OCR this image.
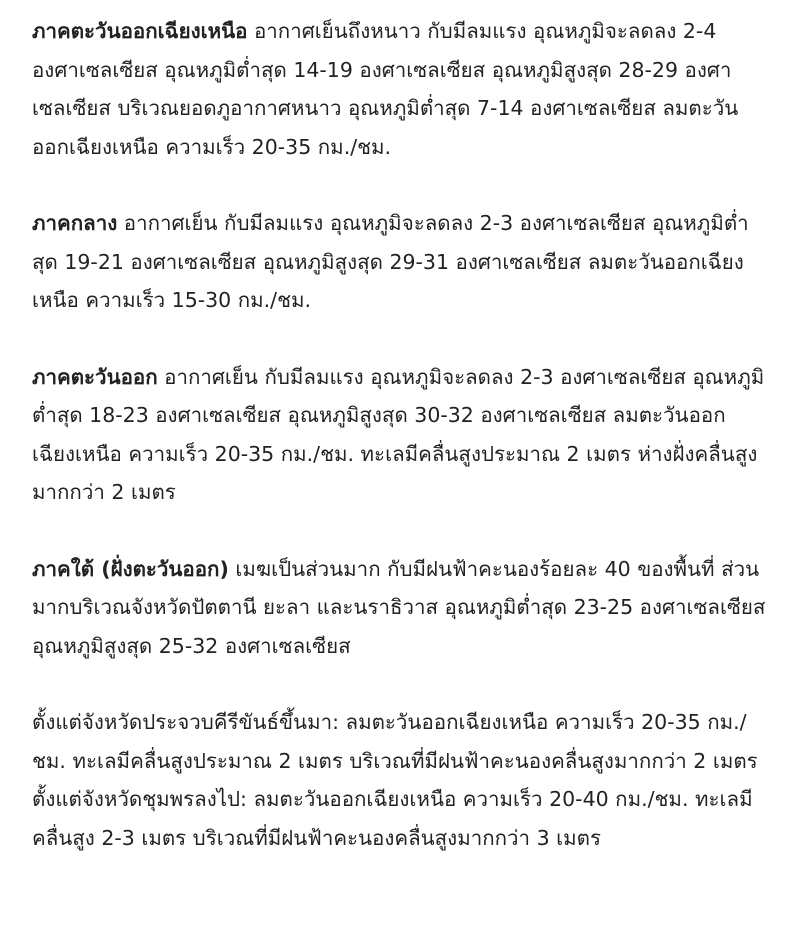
ภาคตะวันออกเฉียงเหนือ อากาศเย็นถึงหนาว กับมีลมแรง อุณหภูมิจะลดลง 2-4 องศาเซลเซียส อุณหภูมิต่ำสุด 14-19 องศาเซลเซียส อุณหภูมิสูงสุด 28-29 องศาเซลเซียส บริเวณยอดภูอากาศหนาว อุณหภูมิต่ำสุด 7-14 องศาเซลเซียส ลมตะวันออกเฉียงเหนือ ความเร็ว 20-35 กม./ชม.

ภาคกลาง อากาศเย็น กับมีลมแรง อุณหภูมิจะลดลง 2-3 องศาเซลเซียส อุณหภูมิต่ำสุด 19-21 องศาเซลเซียส อุณหภูมิสูงสุด 29-31 องศาเซลเซียส ลมตะวันออกเฉียงเหนือ ความเร็ว 15-30 กม./ชม.

ภาคตะวันออก อากาศเย็น กับมีลมแรง อุณหภูมิจะลดลง 2-3 องศาเซลเซียส อุณหภูมิต่ำสุด 18-23 องศาเซลเซียส อุณหภูมิสูงสุด 30-32 องศาเซลเซียส ลมตะวันออกเฉียงเหนือ ความเร็ว 20-35 กม./ชม. ทะเลมีคลื่นสูงประมาณ 2 เมตร ห่างฝั่งคลื่นสูงมากกว่า 2 เมตร

ภาคใต้ (ฝั่งตะวันออก) เมฆเป็นส่วนมาก กับมีฝนฟ้าคะนองร้อยละ 40 ของพื้นที่ ส่วนมากบริเวณจังหวัดปัตตานี ยะลา และนราธิวาส อุณหภูมิต่ำสุด 23-25 องศาเซลเซียส อุณหภูมิสูงสุด 25-32 องศาเซลเซียส

ตั้งแต่จังหวัดประจวบคีรีขันธ์ขึ้นมา: ลมตะวันออกเฉียงเหนือ ความเร็ว 20-35 กม./ชม. ทะเลมีคลื่นสูงประมาณ 2 เมตร บริเวณที่มีฝนฟ้าคะนองคลื่นสูงมากกว่า 2 เมตร ตั้งแต่จังหวัดชุมพรลงไป: ลมตะวันออกเฉียงเหนือ ความเร็ว 20-40 กม./ชม. ทะเลมีคลื่นสูง 2-3 เมตร บริเวณที่มีฝนฟ้าคะนองคลื่นสูงมากกว่า 3 เมตร
